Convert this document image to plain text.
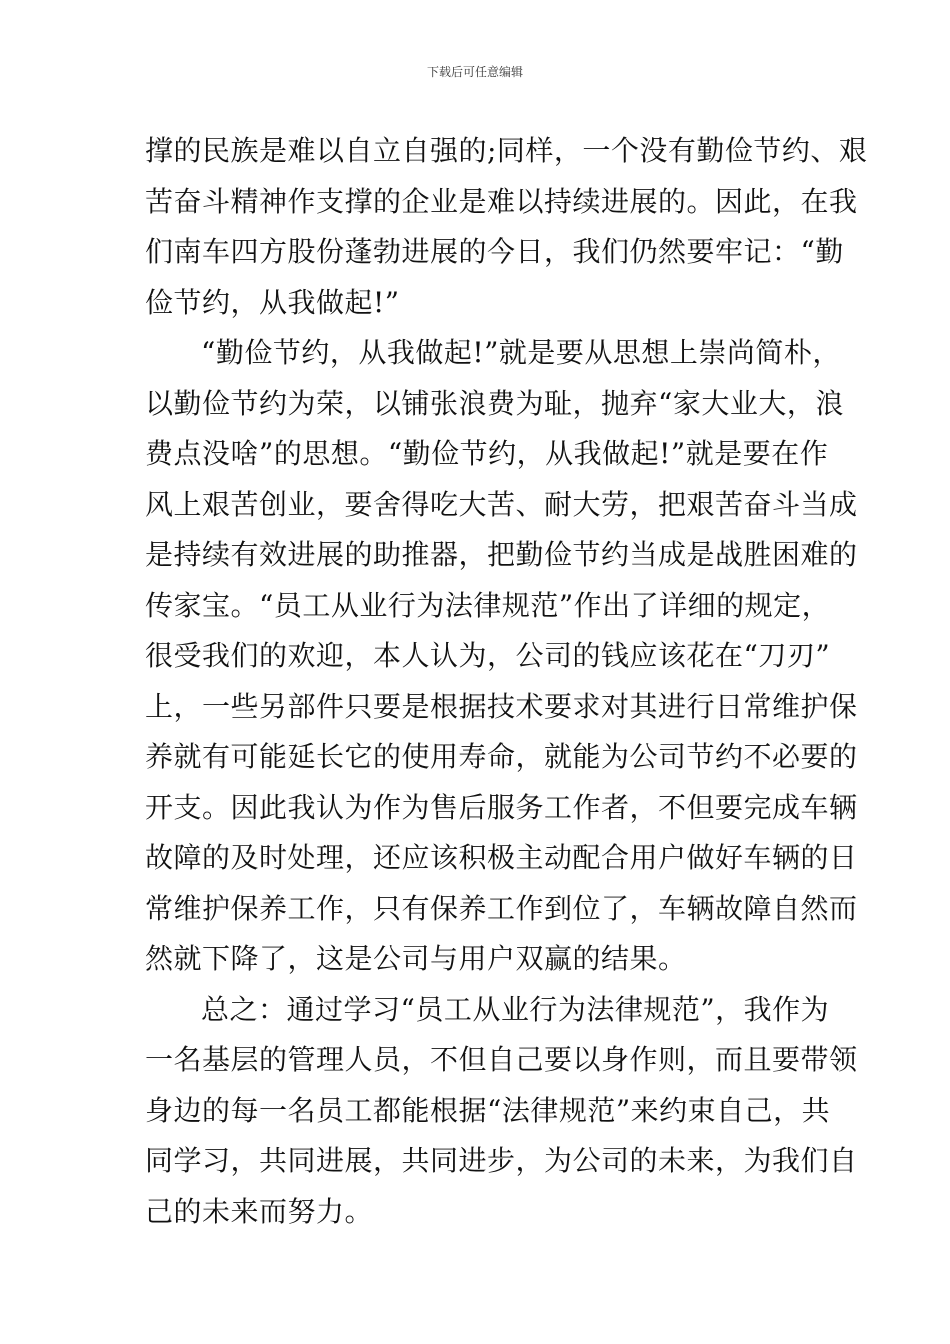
下载后可任意编辑
撑的民族是难以自立自强的;同样，一个没有勤俭节约、艰
苦奋斗精神作支撑的企业是难以持续进展的。因此，在我
们南车四方股份蓬勃进展的今日，我们仍然要牢记：“勤
俭节约，从我做起!”
“勤俭节约，从我做起!”就是要从思想上崇尚简朴，
以勤俭节约为荣，以铺张浪费为耻，抛弃“家大业大，浪
费点没啥”的思想。“勤俭节约，从我做起!”就是要在作
风上艰苦创业，要舍得吃大苦、耐大劳，把艰苦奋斗当成
是持续有效进展的助推器，把勤俭节约当成是战胜困难的
传家宝。“员工从业行为法律规范”作出了详细的规定，
很受我们的欢迎，本人认为，公司的钱应该花在“刀刃”
上，一些另部件只要是根据技术要求对其进行日常维护保
养就有可能延长它的使用寿命，就能为公司节约不必要的
开支。因此我认为作为售后服务工作者，不但要完成车辆
故障的及时处理，还应该积极主动配合用户做好车辆的日
常维护保养工作，只有保养工作到位了，车辆故障自然而
然就下降了，这是公司与用户双赢的结果。
总之：通过学习“员工从业行为法律规范”，我作为
一名基层的管理人员，不但自己要以身作则，而且要带领
身边的每一名员工都能根据“法律规范”来约束自己，共
同学习，共同进展，共同进步，为公司的未来，为我们自
己的未来而努力。
